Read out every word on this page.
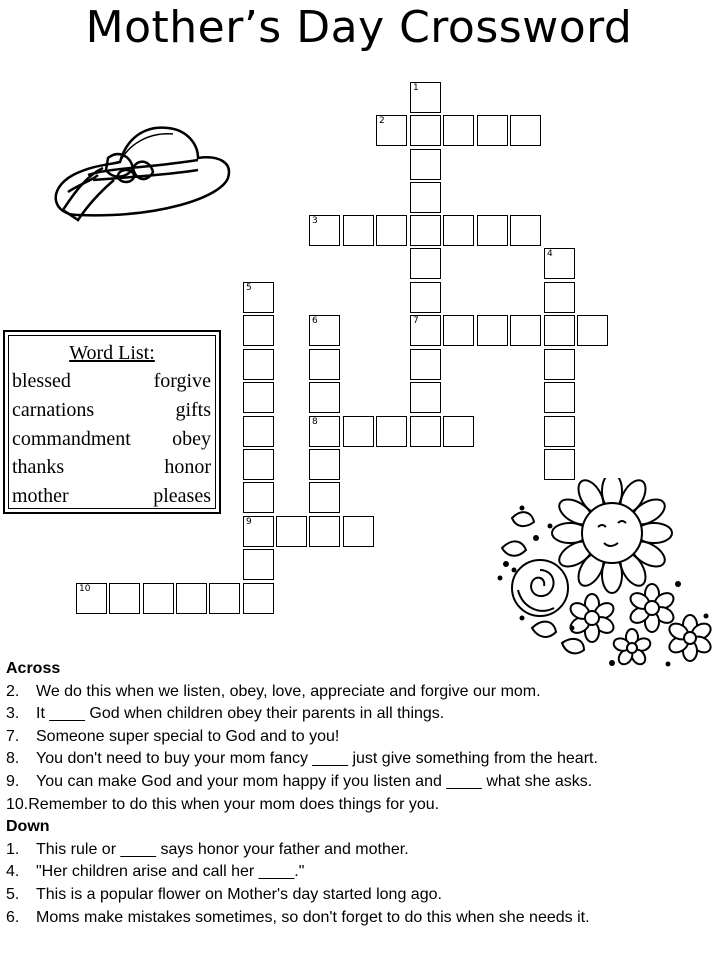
Mother’s Day Crossword
1
2
3
4
5
9
6
8
7
10
Word List:
blessed	forgive
carnations	gifts
commandment obey
thanks	honor
mother	pleases
Across
2. We do this when we listen, obey, love, appreciate and forgive our mom.
3. It ____ God when children obey their parents in all things.
7. Someone super special to God and to you!
8. You don't need to buy your mom fancy ____ just give something from the heart.
9. You can make God and your mom happy if you listen and ____ what she asks.
10.Remember to do this when your mom does things for you.
Down
1. This rule or ____ says honor your father and mother.
4. "Her children arise and call her ____."
5. This is a popular flower on Mother's day started long ago.
6. Moms make mistakes sometimes, so don't forget to do this when she needs it.
